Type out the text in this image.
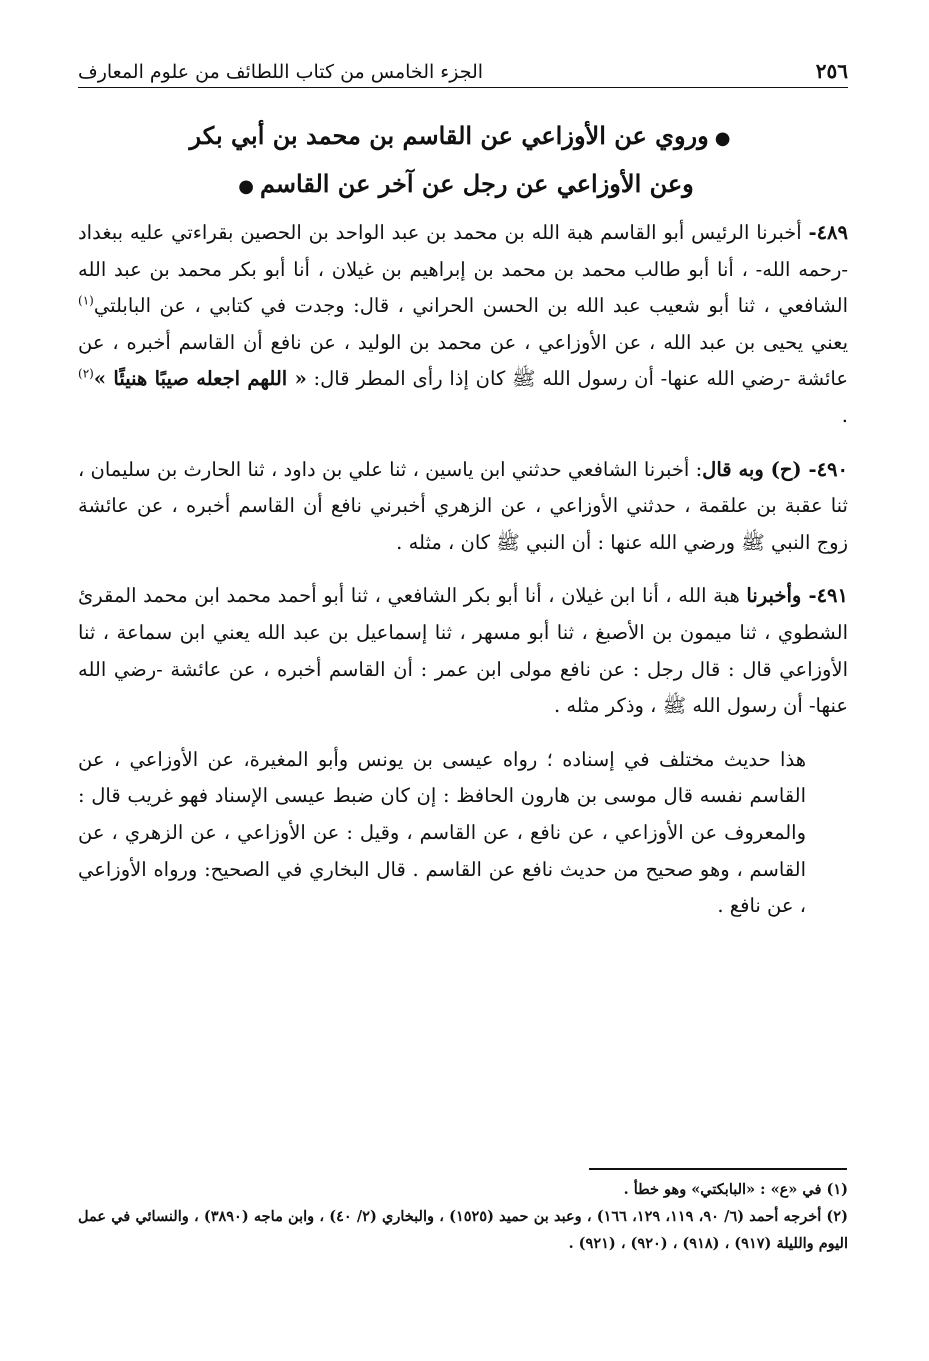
٢٥٦
الجزء الخامس من كتاب اللطائف من علوم المعارف
●وروي عن الأوزاعي عن القاسم بن محمد بن أبي بكر
وعن الأوزاعي عن رجل عن آخر عن القاسم●

٤٨٩- أخبرنا الرئيس أبو القاسم هبة الله بن محمد بن عبد الواحد بن الحصين بقراءتي عليه ببغداد -رحمه الله- ، أنا أبو طالب محمد بن محمد بن إبراهيم بن غيلان ، أنا أبو بكر محمد بن عبد الله الشافعي ، ثنا أبو شعيب عبد الله بن الحسن الحراني ، قال: وجدت في كتابي ، عن البابلتي$^{(١)}$ يعني يحيى بن عبد الله ، عن الأوزاعي ، عن محمد بن الوليد ، عن نافع أن القاسم أخبره ، عن عائشة -رضي الله عنها- أن رسول الله ﷺ كان إذا رأى المطر قال: « اللهم اجعله صيبًا هنيئًا »$^{(٢)}$ .

٤٩٠- (ح) وبه قال: أخبرنا الشافعي حدثني ابن ياسين ، ثنا علي بن داود ، ثنا الحارث بن سليمان ، ثنا عقبة بن علقمة ، حدثني الأوزاعي ، عن الزهري أخبرني نافع أن القاسم أخبره ، عن عائشة زوج النبي ﷺ ورضي الله عنها : أن النبي ﷺ كان ، مثله .

٤٩١- وأخبرنا هبة الله ، أنا ابن غيلان ، أنا أبو بكر الشافعي ، ثنا أبو أحمد محمد ابن محمد المقرئ الشطوي ، ثنا ميمون بن الأصبغ ، ثنا أبو مسهر ، ثنا إسماعيل بن عبد الله يعني ابن سماعة ، ثنا الأوزاعي قال : قال رجل : عن نافع مولى ابن عمر : أن القاسم أخبره ، عن عائشة -رضي الله عنها- أن رسول الله ﷺ ، وذكر مثله .

هذا حديث مختلف في إسناده ؛ رواه عيسى بن يونس وأبو المغيرة، عن الأوزاعي ، عن القاسم نفسه قال موسى بن هارون الحافظ : إن كان ضبط عيسى الإسناد فهو غريب قال : والمعروف عن الأوزاعي ، عن نافع ، عن القاسم ، وقيل : عن الأوزاعي ، عن الزهري ، عن القاسم ، وهو صحيح من حديث نافع عن القاسم . قال البخاري في الصحيح: ورواه الأوزاعي ، عن نافع .

(١) في «ع» : «البابكتي» وهو خطأ .

(٢) أخرجه أحمد (٦/ ٩٠، ١١٩، ١٢٩، ١٦٦) ، وعبد بن حميد (١٥٢٥) ، والبخاري (٢/ ٤٠) ، وابن ماجه (٣٨٩٠) ، والنسائي في عمل اليوم والليلة (٩١٧) ، (٩١٨) ، (٩٢٠) ، (٩٢١) .
